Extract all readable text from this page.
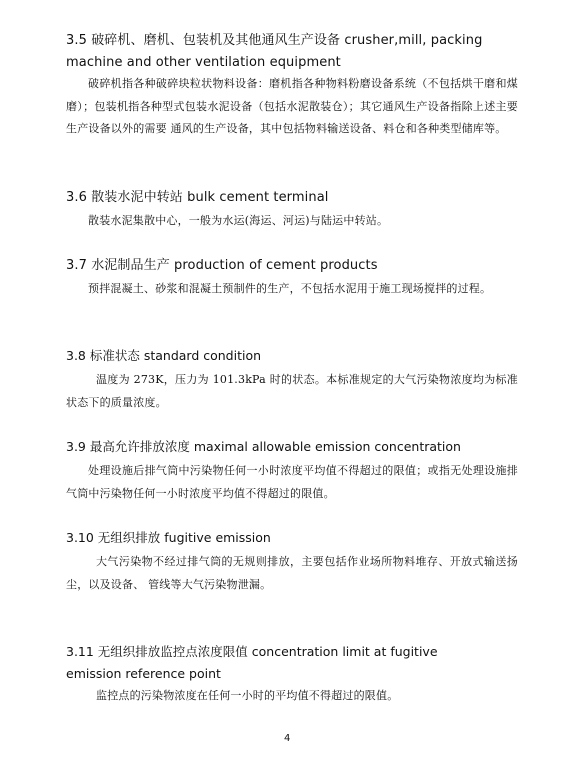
3.5 破碎机、磨机、包装机及其他通风生产设备 crusher,mill, packing machine and other ventilation equipment
破碎机指各种破碎块粒状物料设备：磨机指各种物料粉磨设备系统（不包括烘干磨和煤磨）；包装机指各种型式包装水泥设备（包括水泥散装仓）；其它通风生产设备指除上述主要生产设备以外的需要 通风的生产设备，其中包括物料输送设备、料仓和各种类型储库等。
3.6 散装水泥中转站 bulk cement terminal
散装水泥集散中心，一般为水运(海运、河运)与陆运中转站。
3.7 水泥制品生产 production of cement products
预拌混凝土、砂浆和混凝土预制件的生产，不包括水泥用于施工现场搅拌的过程。
3.8 标准状态 standard condition
温度为 273K，压力为 101.3kPa 时的状态。本标准规定的大气污染物浓度均为标准状态下的质量浓度。
3.9 最高允许排放浓度 maximal allowable emission concentration
处理设施后排气筒中污染物任何一小时浓度平均值不得超过的限值；或指无处理设施排气筒中污染物任何一小时浓度平均值不得超过的限值。
3.10 无组织排放 fugitive emission
大气污染物不经过排气筒的无规则排放，主要包括作业场所物料堆存、开放式输送扬尘，以及设备、 管线等大气污染物泄漏。
3.11 无组织排放监控点浓度限值 concentration limit at fugitive emission reference point
监控点的污染物浓度在任何一小时的平均值不得超过的限值。
4
